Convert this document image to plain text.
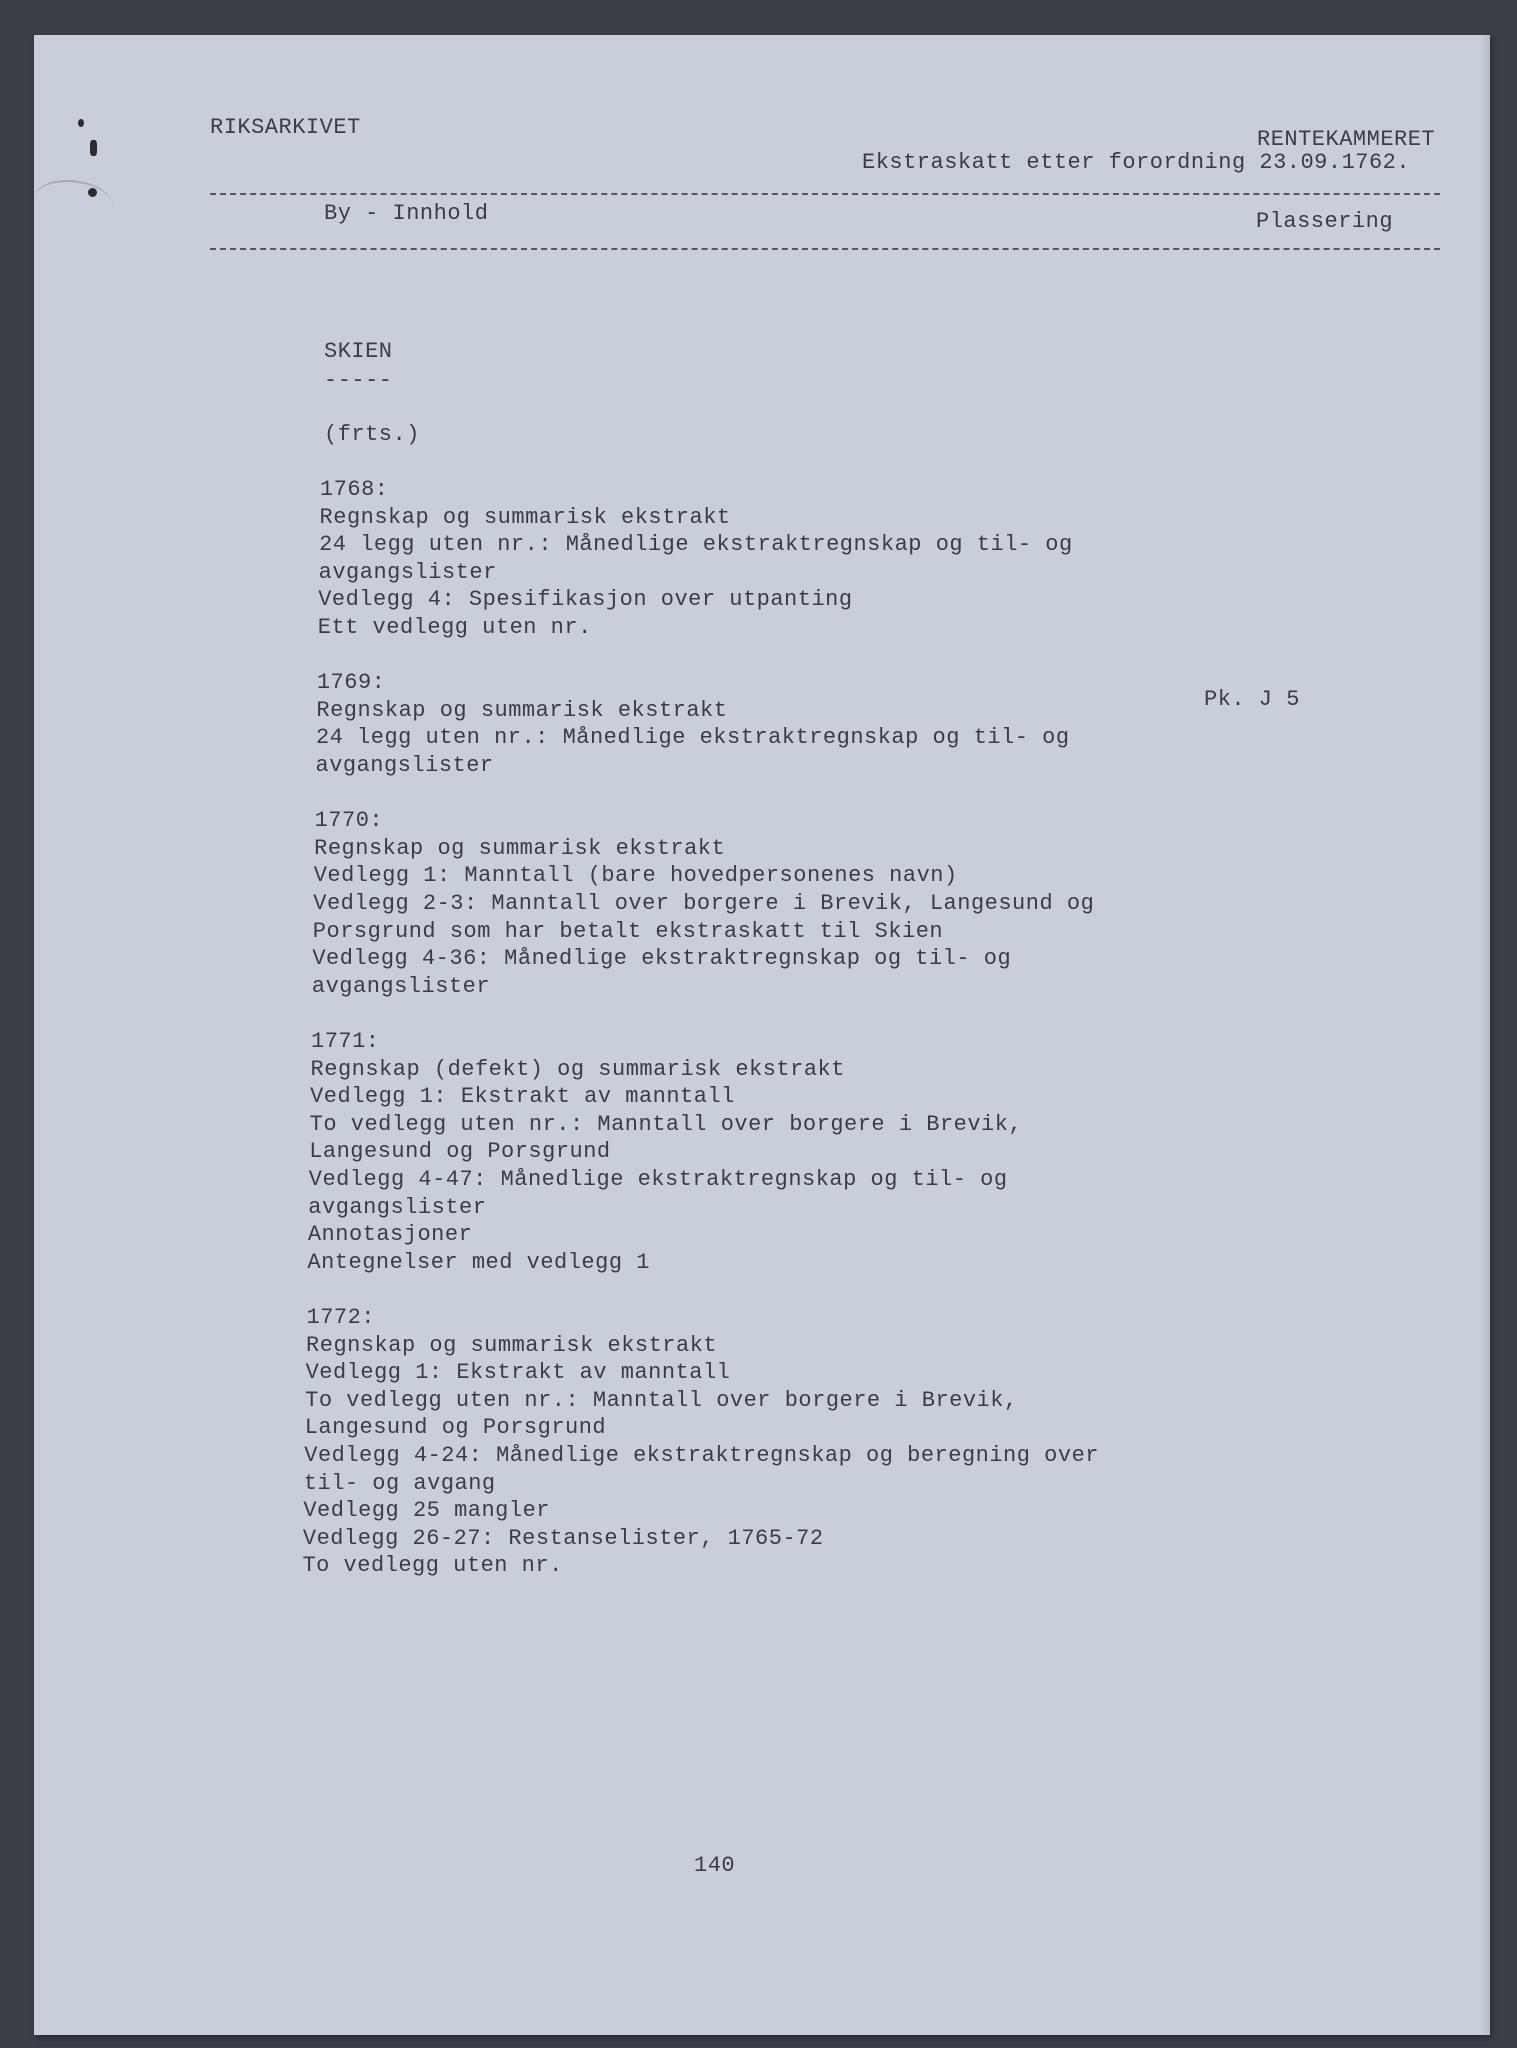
RIKSARKIVET	RENTEKAMMERET
Ekstraskatt etter forordning 23.09.1762.
By - Innhold	Plassering
SKIEN
-----
(frts.)
Pk. J 5
1768:
Regnskap og summarisk ekstrakt
24 legg uten nr.: Månedlige ekstraktregnskap og til- og
avgangslister
Vedlegg 4: Spesifikasjon over utpanting
Ett vedlegg uten nr.
1769:
Regnskap og summarisk ekstrakt
24 legg uten nr.: Månedlige ekstraktregnskap og til- og
avgangslister
1770:
Regnskap og summarisk ekstrakt
Vedlegg 1: Manntall (bare hovedpersonenes navn)
Vedlegg 2-3: Manntall over borgere i Brevik, Langesund og
Porsgrund som har betalt ekstraskatt til Skien
Vedlegg 4-36: Månedlige ekstraktregnskap og til- og
avgangslister
1771:
Regnskap (defekt) og summarisk ekstrakt
Vedlegg 1: Ekstrakt av manntall
To vedlegg uten nr.: Manntall over borgere i Brevik,
Langesund og Porsgrund
Vedlegg 4-47: Månedlige ekstraktregnskap og til- og
avgangslister
Annotasjoner
Antegnelser med vedlegg 1
1772:
Regnskap og summarisk ekstrakt
Vedlegg 1: Ekstrakt av manntall
To vedlegg uten nr.: Manntall over borgere i Brevik,
Langesund og Porsgrund
Vedlegg 4-24: Månedlige ekstraktregnskap og beregning over
til- og avgang
Vedlegg 25 mangler
Vedlegg 26-27: Restanselister, 1765-72
To vedlegg uten nr.
140
